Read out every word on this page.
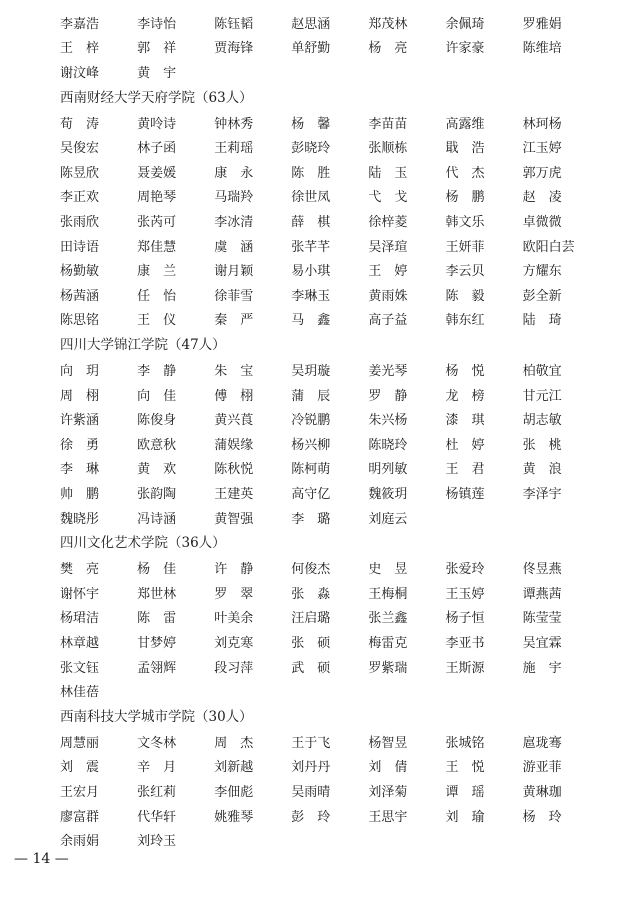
李嘉浩	李诗怡	陈钰韬	赵思涵	郑茂林	余佩琦	罗雅娟
王　梓	郭　祥	贾海锋	单舒勤	杨　亮	许家豪	陈维培
谢汶峰	黄　宇
西南财经大学天府学院（63人）
荀　涛	黄呤诗	钟林秀	杨　馨	李苗苗	高露维	林珂杨
吴俊宏	林子函	王莉瑶	彭晓玲	张顺栋	戢　浩	江玉婷
陈昱欣	聂姜媛	康　永	陈　胜	陆　玉	代　杰	郭万虎
李正欢	周艳琴	马瑞羚	徐世凤	弋　戈	杨　鹏	赵　凌
张雨欣	张芮可	李冰清	薛　棋	徐梓菱	韩文乐	卓微微
田诗语	郑佳慧	虞　涵	张芊芊	吴泽瑄	王妍菲	欧阳白芸
杨勤敏	康　兰	谢月颖	易小琪	王　婷	李云贝	方耀东
杨茜涵	任　怡	徐菲雪	李琳玉	黄雨姝	陈　毅	彭全新
陈思铭	王　仪	秦　严	马　鑫	高子益	韩东红	陆　琦
四川大学锦江学院（47人）
向　玥	李　静	朱　宝	吴玥璇	姜光琴	杨　悦	柏敬宜
周　栩	向　佳	傅　栩	蒲　辰	罗　静	龙　榜	甘元江
许紫涵	陈俊身	黄兴莨	冷锐鹏	朱兴杨	漆　琪	胡志敏
徐　勇	欧意秋	蒲娱缘	杨兴柳	陈晓玲	杜　婷	张　桃
李　琳	黄　欢	陈秋悦	陈柯萌	明列敏	王　君	黄　浪
帅　鹏	张韵陶	王建英	高守亿	魏筱玥	杨镇莲	李泽宇
魏晓彤	冯诗涵	黄智强	李　璐	刘庭云
四川文化艺术学院（36人）
樊　亮	杨　佳	许　静	何俊杰	史　昱	张爱玲	佟昱燕
谢怀宇	郑世林	罗　翠	张　淼	王梅桐	王玉婷	谭燕茜
杨珺洁	陈　雷	叶美余	汪启璐	张兰鑫	杨子恒	陈莹莹
林章越	甘梦婷	刘克寒	张　硕	梅雷克	李亚书	吴宜霖
张文钰	孟翎辉	段习萍	武　硕	罗紫瑞	王斯源	施　宇
林佳蓓
西南科技大学城市学院（30人）
周慧丽	文冬林	周　杰	王于飞	杨智昱	张城铭	扈珑骞
刘　震	辛　月	刘新越	刘丹丹	刘　倩	王　悦	游亚菲
王宏月	张红莉	李佃彪	吴雨晴	刘泽菊	谭　瑶	黄琳珈
廖富群	代华轩	姚雅琴	彭　玲	王思宇	刘　瑜	杨　玲
余雨娟	刘玲玉
— 14 —
